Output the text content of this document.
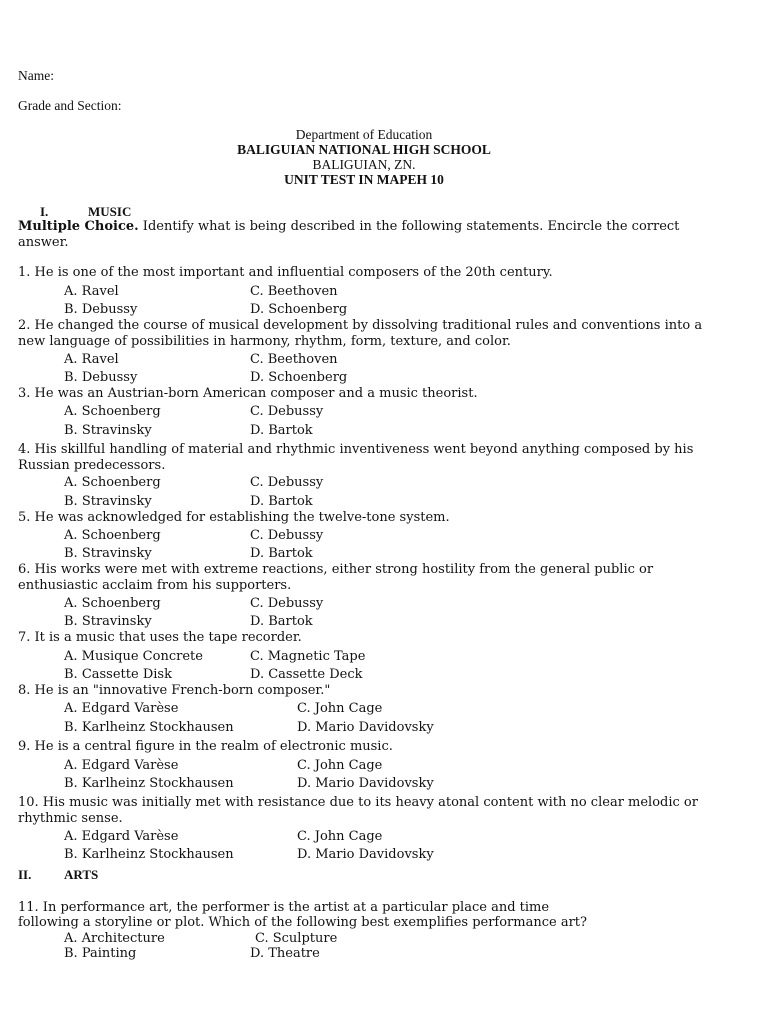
Name:
Grade and Section:
Department of Education
BALIGUIAN NATIONAL HIGH SCHOOL
BALIGUIAN, ZN.
UNIT TEST IN MAPEH 10
I.	MUSIC
Multiple Choice. Identify what is being described in the following statements. Encircle the correct answer.
1. He is one of the most important and influential composers of the 20th century.
A. Ravel	C. Beethoven
B. Debussy	D. Schoenberg
2. He changed the course of musical development by dissolving traditional rules and conventions into a new language of possibilities in harmony, rhythm, form, texture, and color.
A. Ravel	C. Beethoven
B. Debussy	D. Schoenberg
3. He was an Austrian-born American composer and a music theorist.
A. Schoenberg	C. Debussy
B. Stravinsky	D. Bartok
4. His skillful handling of material and rhythmic inventiveness went beyond anything composed by his Russian predecessors.
A. Schoenberg	C. Debussy
B. Stravinsky	D. Bartok
5. He was acknowledged for establishing the twelve-tone system.
A. Schoenberg	C. Debussy
B. Stravinsky	D. Bartok
6. His works were met with extreme reactions, either strong hostility from the general public or enthusiastic acclaim from his supporters.
A. Schoenberg	C. Debussy
B. Stravinsky	D. Bartok
7. It is a music that uses the tape recorder.
A. Musique Concrete	C. Magnetic Tape
B. Cassette Disk	D. Cassette Deck
8. He is an "innovative French-born composer."
A. Edgard Varèse	C. John Cage
B. Karlheinz Stockhausen	D. Mario Davidovsky
9. He is a central figure in the realm of electronic music.
A. Edgard Varèse	C. John Cage
B. Karlheinz Stockhausen	D. Mario Davidovsky
10. His music was initially met with resistance due to its heavy atonal content with no clear melodic or rhythmic sense.
A. Edgard Varèse	C. John Cage
B. Karlheinz Stockhausen	D. Mario Davidovsky
II.	ARTS
11. In performance art, the performer is the artist at a particular place and time
following a storyline or plot. Which of the following best exemplifies performance art?
A. Architecture	C. Sculpture
B. Painting	D. Theatre
